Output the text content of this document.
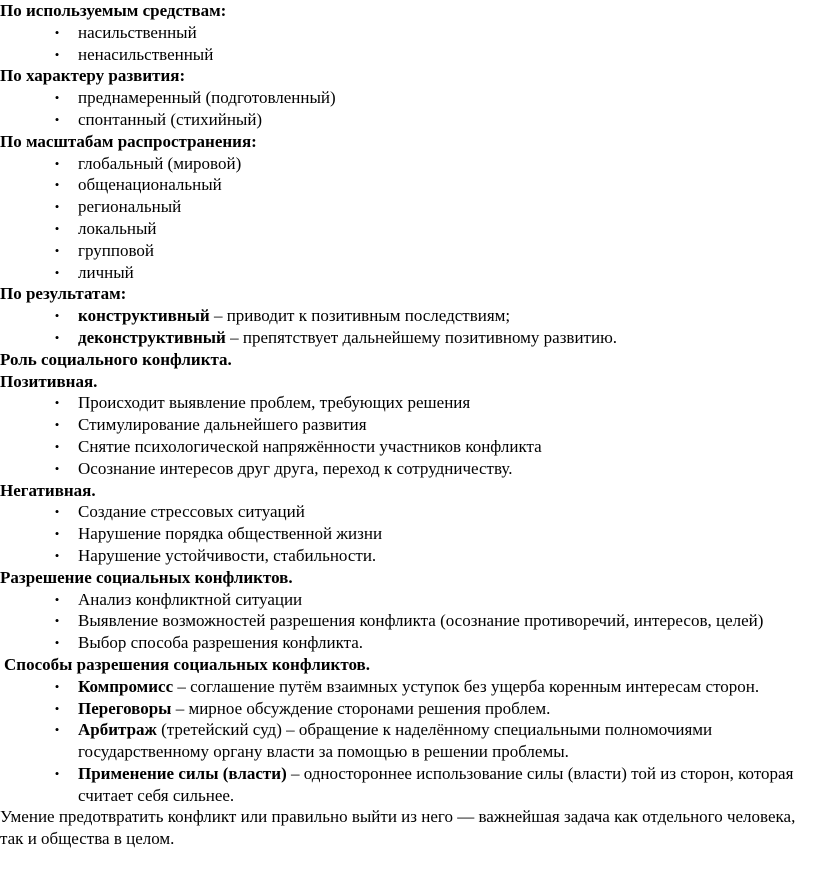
По используемым средствам:
• насильственный
• ненасильственный
По характеру развития:
• преднамеренный (подготовленный)
• спонтанный (стихийный)
По масштабам распространения:
• глобальный (мировой)
• общенациональный
• региональный
• локальный
• групповой
• личный
По результатам:
• конструктивный – приводит к позитивным последствиям;
• деконструктивный – препятствует дальнейшему позитивному развитию.
Роль социального конфликта.
Позитивная.
• Происходит выявление проблем, требующих решения
• Стимулирование дальнейшего развития
• Снятие психологической напряжённости участников конфликта
• Осознание интересов друг друга, переход к сотрудничеству.
Негативная.
• Создание стрессовых ситуаций
• Нарушение порядка общественной жизни
• Нарушение устойчивости, стабильности.
Разрешение социальных конфликтов.
• Анализ конфликтной ситуации
• Выявление возможностей разрешения конфликта (осознание противоречий, интересов, целей)
• Выбор способа разрешения конфликта.
Способы разрешения социальных конфликтов.
• Компромисс – соглашение путём взаимных уступок без ущерба коренным интересам сторон.
• Переговоры – мирное обсуждение сторонами решения проблем.
• Арбитраж (третейский суд) – обращение к наделённому специальными полномочиями государственному органу власти за помощью в решении проблемы.
• Применение силы (власти) – одностороннее использование силы (власти) той из сторон, которая считает себя сильнее.
Умение предотвратить конфликт или правильно выйти из него — важнейшая задача как отдельного человека, так и общества в целом.
